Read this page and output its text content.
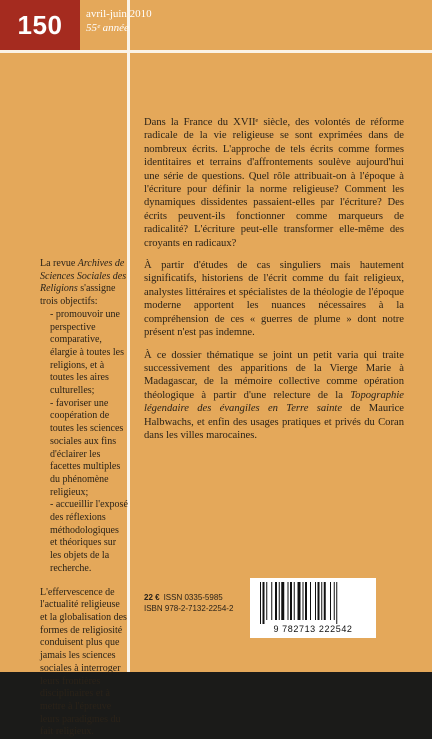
150 avril-juin 2010
55ᵉ année

La revue Archives de Sciences Sociales des Religions s'assigne trois objectifs:

- promouvoir une perspective comparative, élargie à toutes les religions, et à toutes les aires culturelles;
- favoriser une coopération de toutes les sciences sociales aux fins d'éclairer les facettes multiples du phénomène religieux;
- accueillir l'exposé des réflexions méthodologiques et théoriques sur les objets de la recherche.

L'effervescence de l'actualité religieuse et la globalisation des formes de religiosité conduisent plus que jamais les sciences sociales à interroger leurs frontières disciplinaires et à mettre à l'épreuve leurs paradigmes du fait religieux.

Dans la France du XVIIᵉ siècle, des volontés de réforme radicale de la vie religieuse se sont exprimées dans de nombreux écrits. L'approche de tels écrits comme formes identitaires et terrains d'affrontements soulève aujourd'hui une série de questions. Quel rôle attribuait-on à l'époque à l'écriture pour définir la norme religieuse? Comment les dynamiques dissidentes passaient-elles par l'écriture? Des écrits peuvent-ils fonctionner comme marqueurs de radicalité? L'écriture peut-elle transformer elle-même des croyants en radicaux?

À partir d'études de cas singuliers mais hautement significatifs, historiens de l'écrit comme du fait religieux, analystes littéraires et spécialistes de la théologie de l'époque moderne apportent les nuances nécessaires à la compréhension de ces « guerres de plume » dont notre présent n'est pas indemne.

À ce dossier thématique se joint un petit varia qui traite successivement des apparitions de la Vierge Marie à Madagascar, de la mémoire collective comme opération théologique à partir d'une relecture de la Topographie légendaire des évangiles en Terre sainte de Maurice Halbwachs, et enfin des usages pratiques et privés du Coran dans les villes marocaines.

22 € ISSN 0335-5985
ISBN 978-2-7132-2254-2
9 782713 222542
